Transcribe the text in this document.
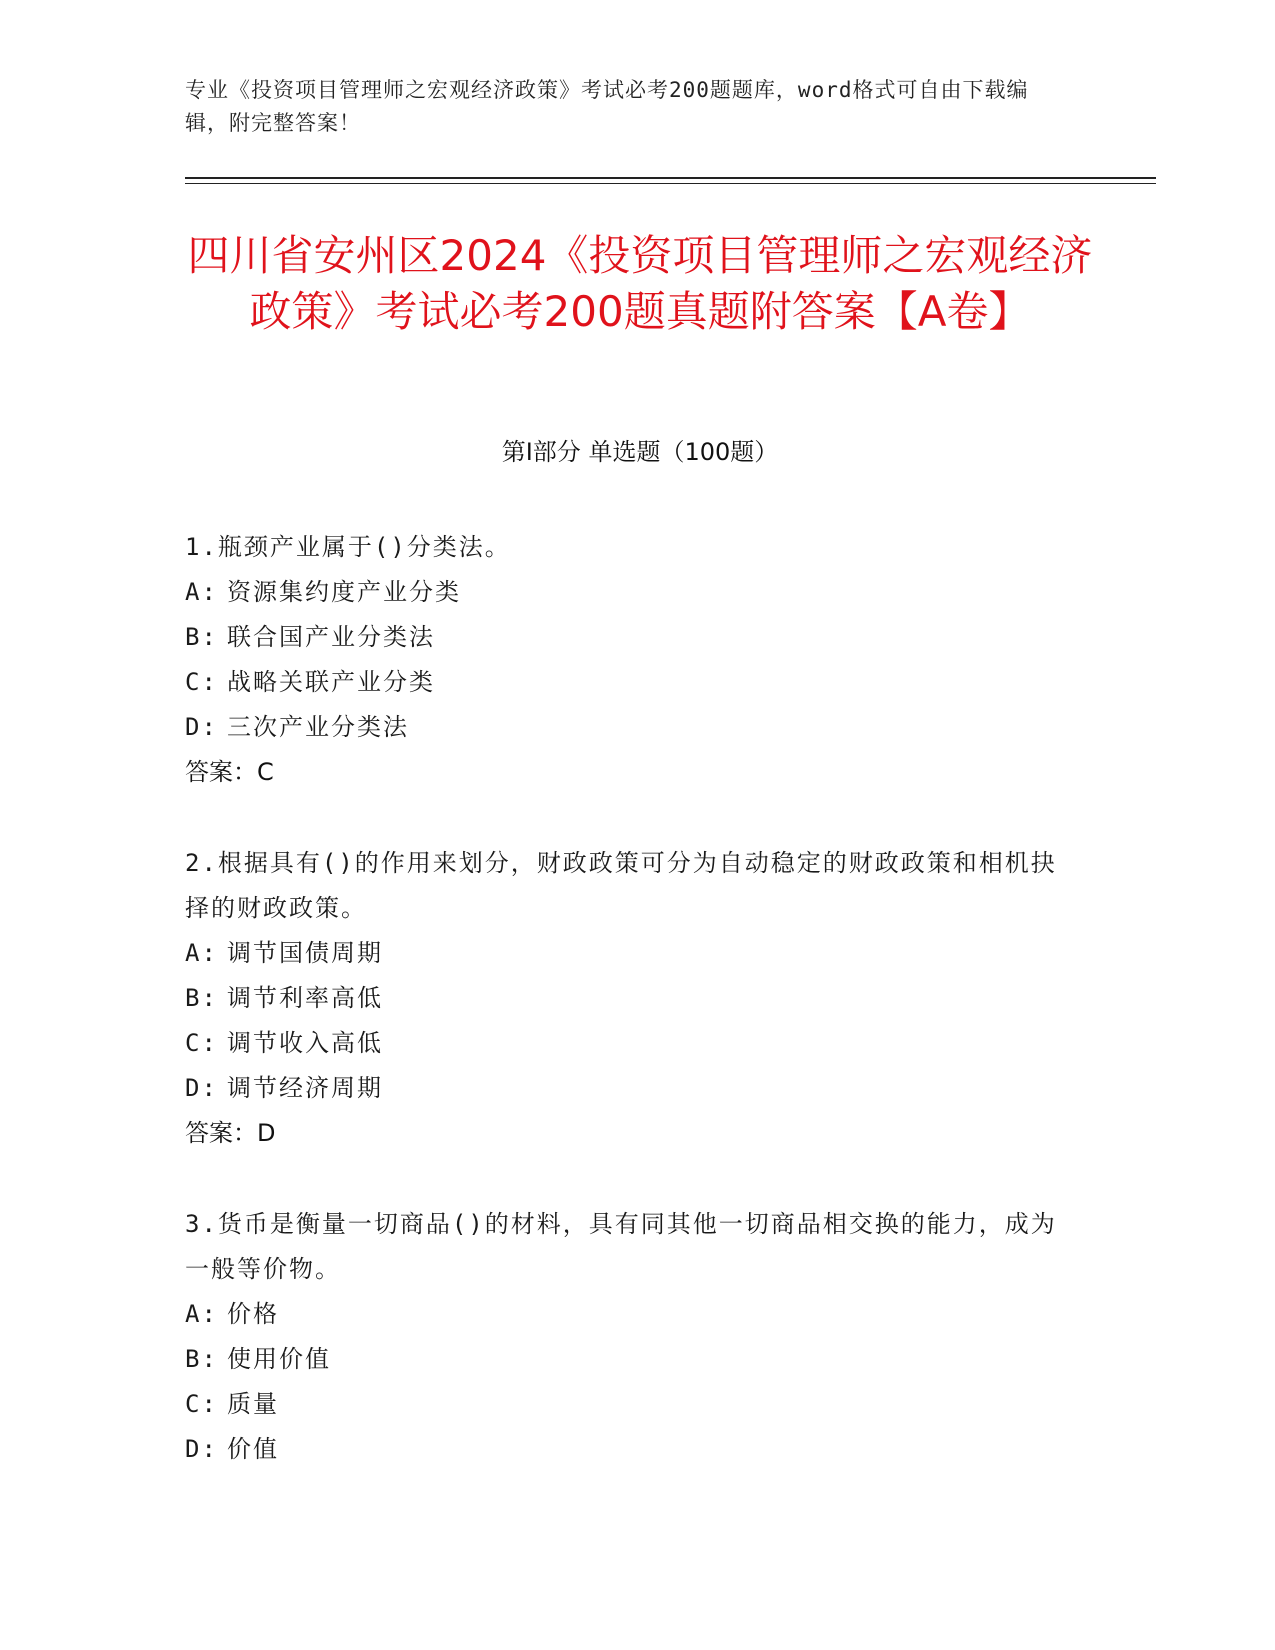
专业《投资项目管理师之宏观经济政策》考试必考200题题库，word格式可自由下载编辑，附完整答案！
四川省安州区2024《投资项目管理师之宏观经济政策》考试必考200题真题附答案【A卷】
第I部分 单选题（100题）
1.瓶颈产业属于()分类法。
A: 资源集约度产业分类
B: 联合国产业分类法
C: 战略关联产业分类
D: 三次产业分类法
答案：C
2.根据具有()的作用来划分，财政政策可分为自动稳定的财政政策和相机抉择的财政政策。
A: 调节国债周期
B: 调节利率高低
C: 调节收入高低
D: 调节经济周期
答案：D
3.货币是衡量一切商品()的材料，具有同其他一切商品相交换的能力，成为一般等价物。
A: 价格
B: 使用价值
C: 质量
D: 价值
